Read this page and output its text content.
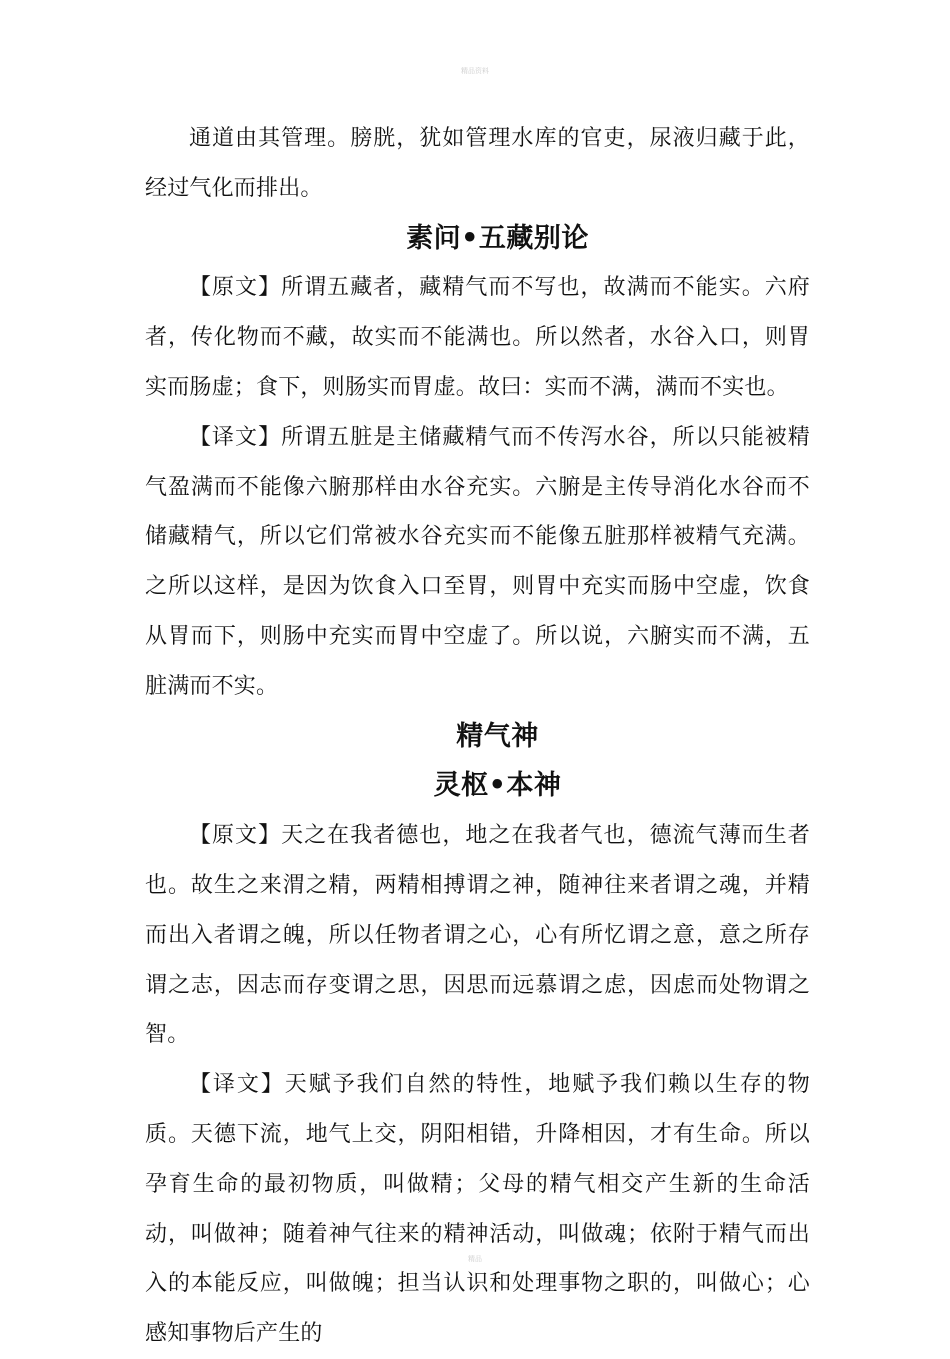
精品资料

通道由其管理。膀胱，犹如管理水库的官吏，尿液归藏于此，经过气化而排出。

素问•五藏别论

【原文】所谓五藏者，藏精气而不写也，故满而不能实。六府者，传化物而不藏，故实而不能满也。所以然者，水谷入口，则胃实而肠虚；食下，则肠实而胃虚。故曰：实而不满，满而不实也。

【译文】所谓五脏是主储藏精气而不传泻水谷，所以只能被精气盈满而不能像六腑那样由水谷充实。六腑是主传导消化水谷而不储藏精气，所以它们常被水谷充实而不能像五脏那样被精气充满。之所以这样，是因为饮食入口至胃，则胃中充实而肠中空虚，饮食从胃而下，则肠中充实而胃中空虚了。所以说，六腑实而不满，五脏满而不实。

精气神
灵枢•本神

【原文】天之在我者德也，地之在我者气也，德流气薄而生者也。故生之来渭之精，两精相搏谓之神，随神往来者谓之魂，并精而出入者谓之魄，所以任物者谓之心，心有所忆谓之意，意之所存谓之志，因志而存变谓之思，因思而远慕谓之虑，因虑而处物谓之智。

【译文】天赋予我们自然的特性，地赋予我们赖以生存的物质。天德下流，地气上交，阴阳相错，升降相因，才有生命。所以孕育生命的最初物质，叫做精；父母的精气相交产生新的生命活动，叫做神；随着神气往来的精神活动，叫做魂；依附于精气而出入的本能反应，叫做魄；担当认识和处理事物之职的，叫做心；心感知事物后产生的

精品
